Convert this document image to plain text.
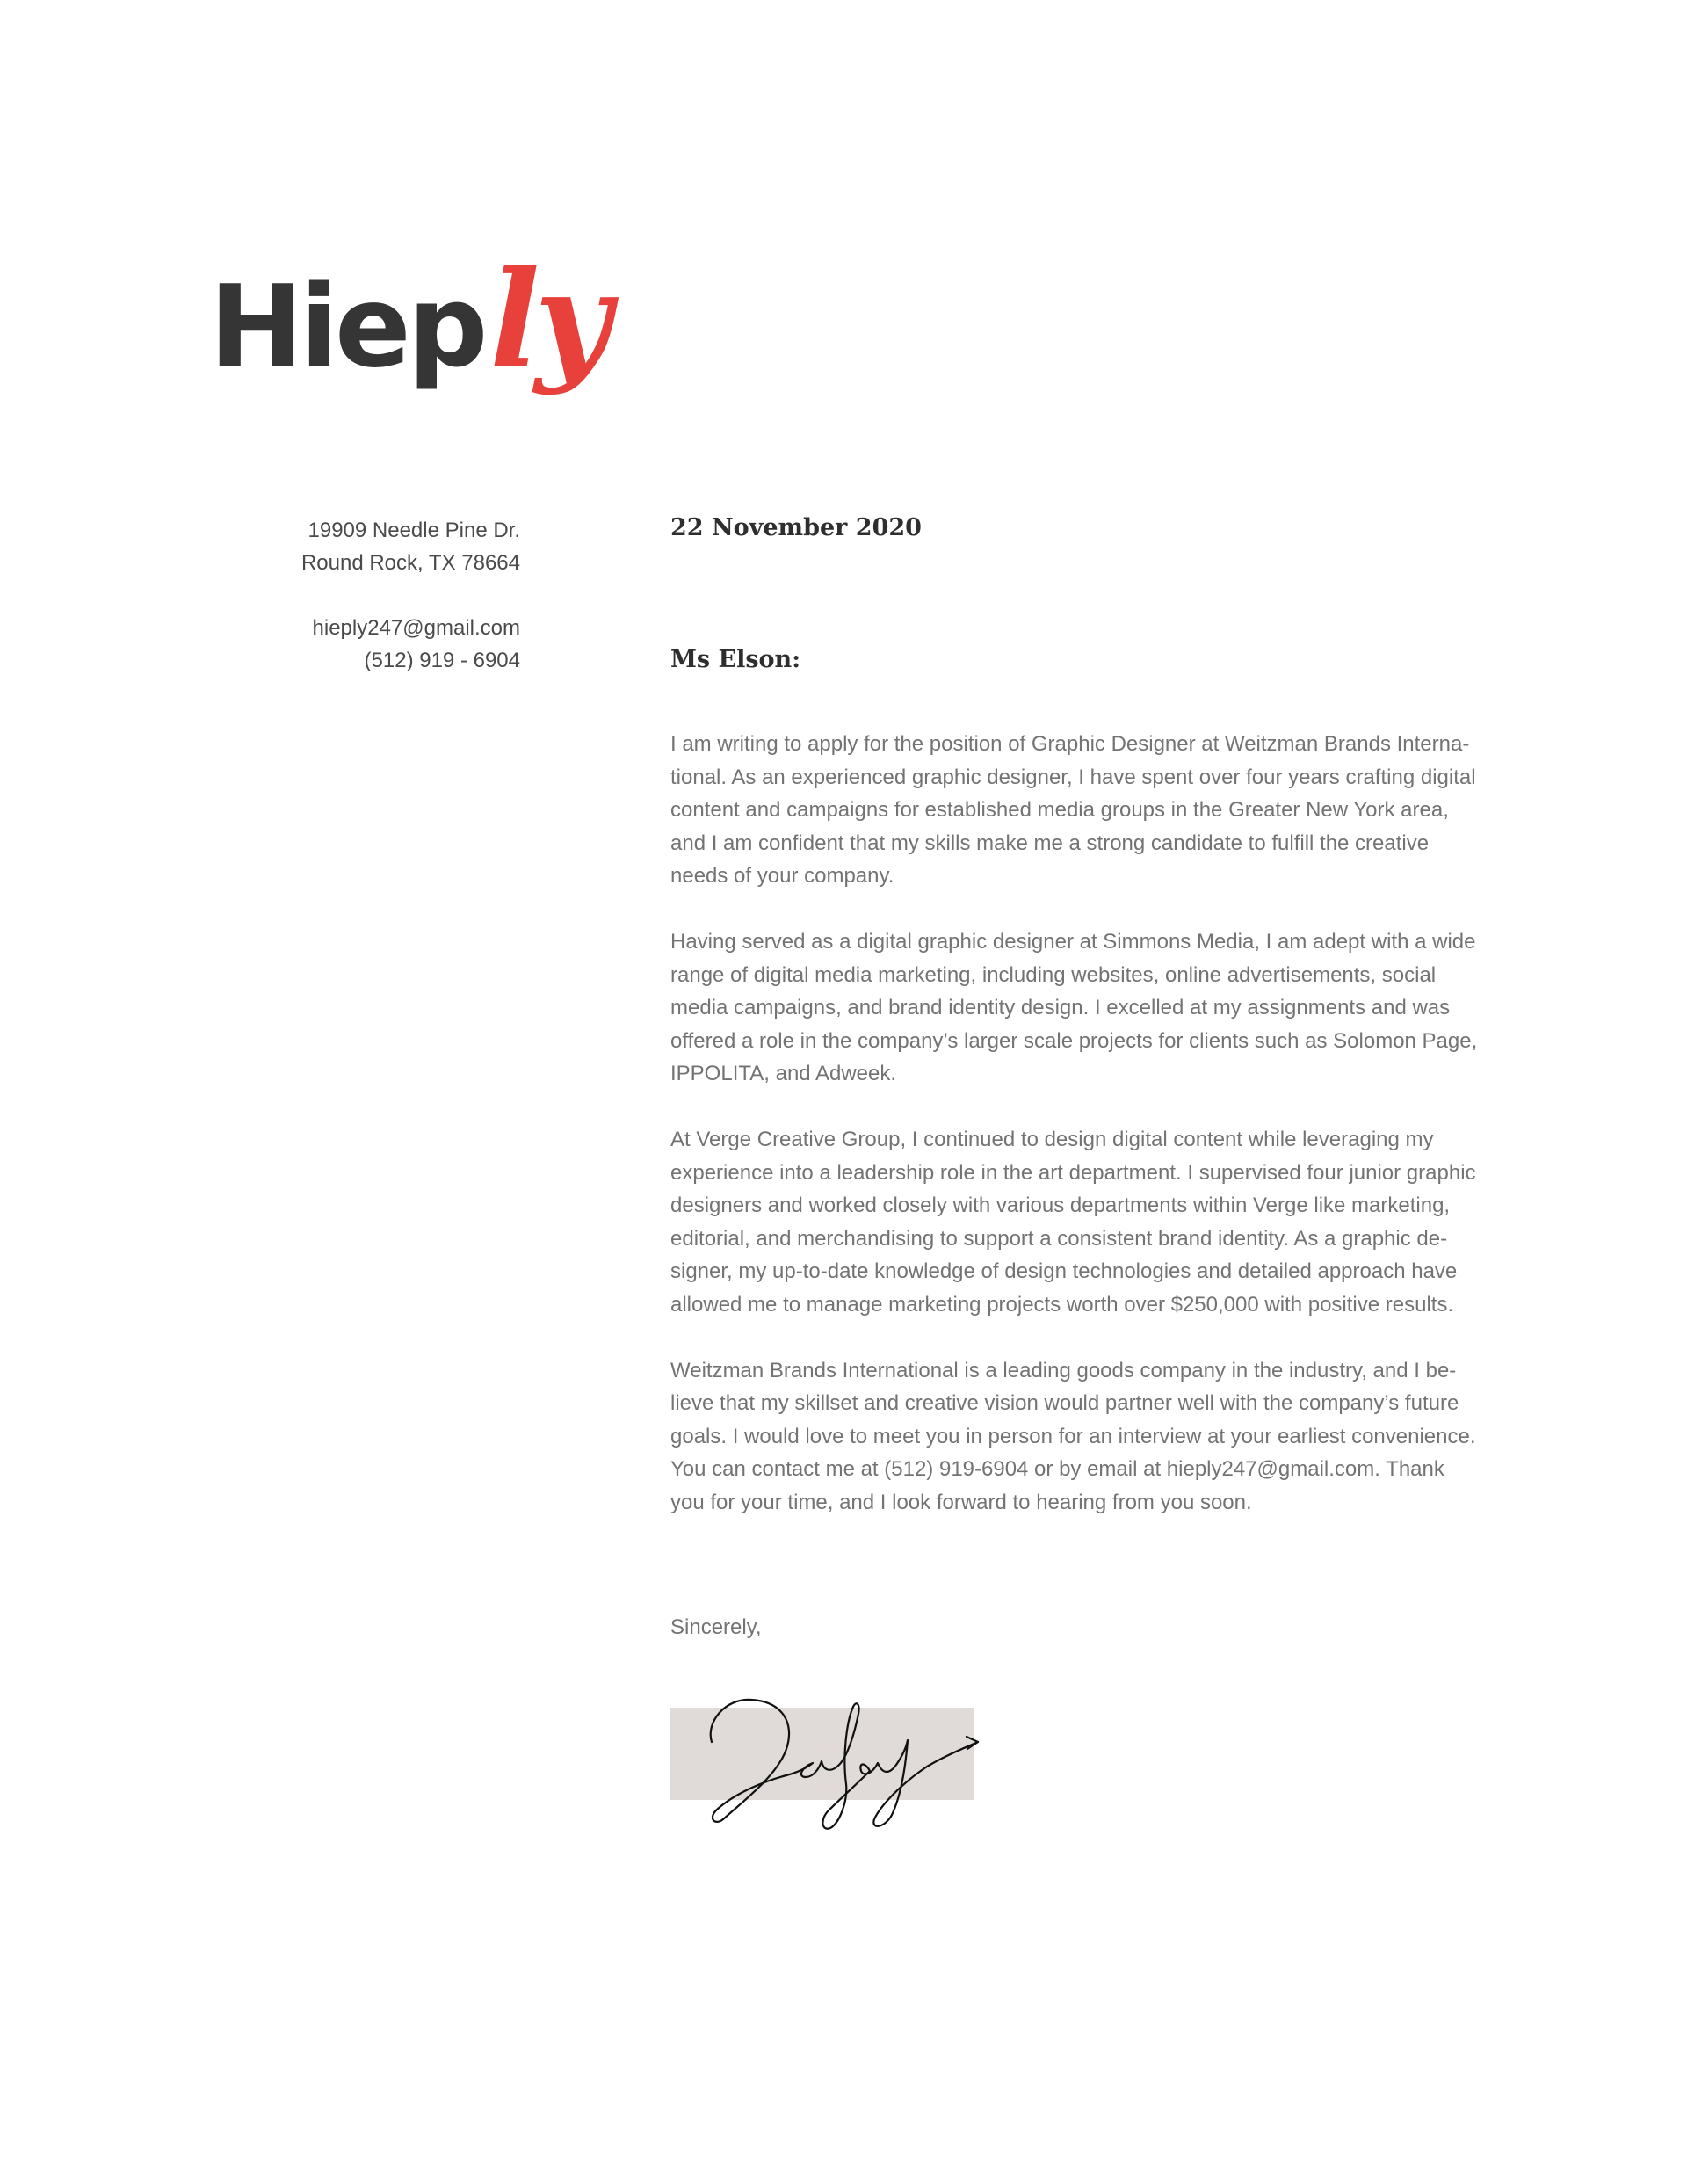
Hieply
19909 Needle Pine Dr.
Round Rock, TX 78664
hieply247@gmail.com
(512) 919 - 6904
22 November 2020
Ms Elson:

I am writing to apply for the position of Graphic Designer at Weitzman Brands Interna-
tional. As an experienced graphic designer, I have spent over four years crafting digital
content and campaigns for established media groups in the Greater New York area,
and I am confident that my skills make me a strong candidate to fulfill the creative
needs of your company.

Having served as a digital graphic designer at Simmons Media, I am adept with a wide
range of digital media marketing, including websites, online advertisements, social
media campaigns, and brand identity design. I excelled at my assignments and was
offered a role in the company’s larger scale projects for clients such as Solomon Page,
IPPOLITA, and Adweek.

At Verge Creative Group, I continued to design digital content while leveraging my
experience into a leadership role in the art department. I supervised four junior graphic
designers and worked closely with various departments within Verge like marketing,
editorial, and merchandising to support a consistent brand identity. As a graphic de-
signer, my up-to-date knowledge of design technologies and detailed approach have
allowed me to manage marketing projects worth over $250,000 with positive results.

Weitzman Brands International is a leading goods company in the industry, and I be-
lieve that my skillset and creative vision would partner well with the company’s future
goals. I would love to meet you in person for an interview at your earliest convenience.
You can contact me at (512) 919-6904 or by email at hieply247@gmail.com. Thank
you for your time, and I look forward to hearing from you soon.

Sincerely,
